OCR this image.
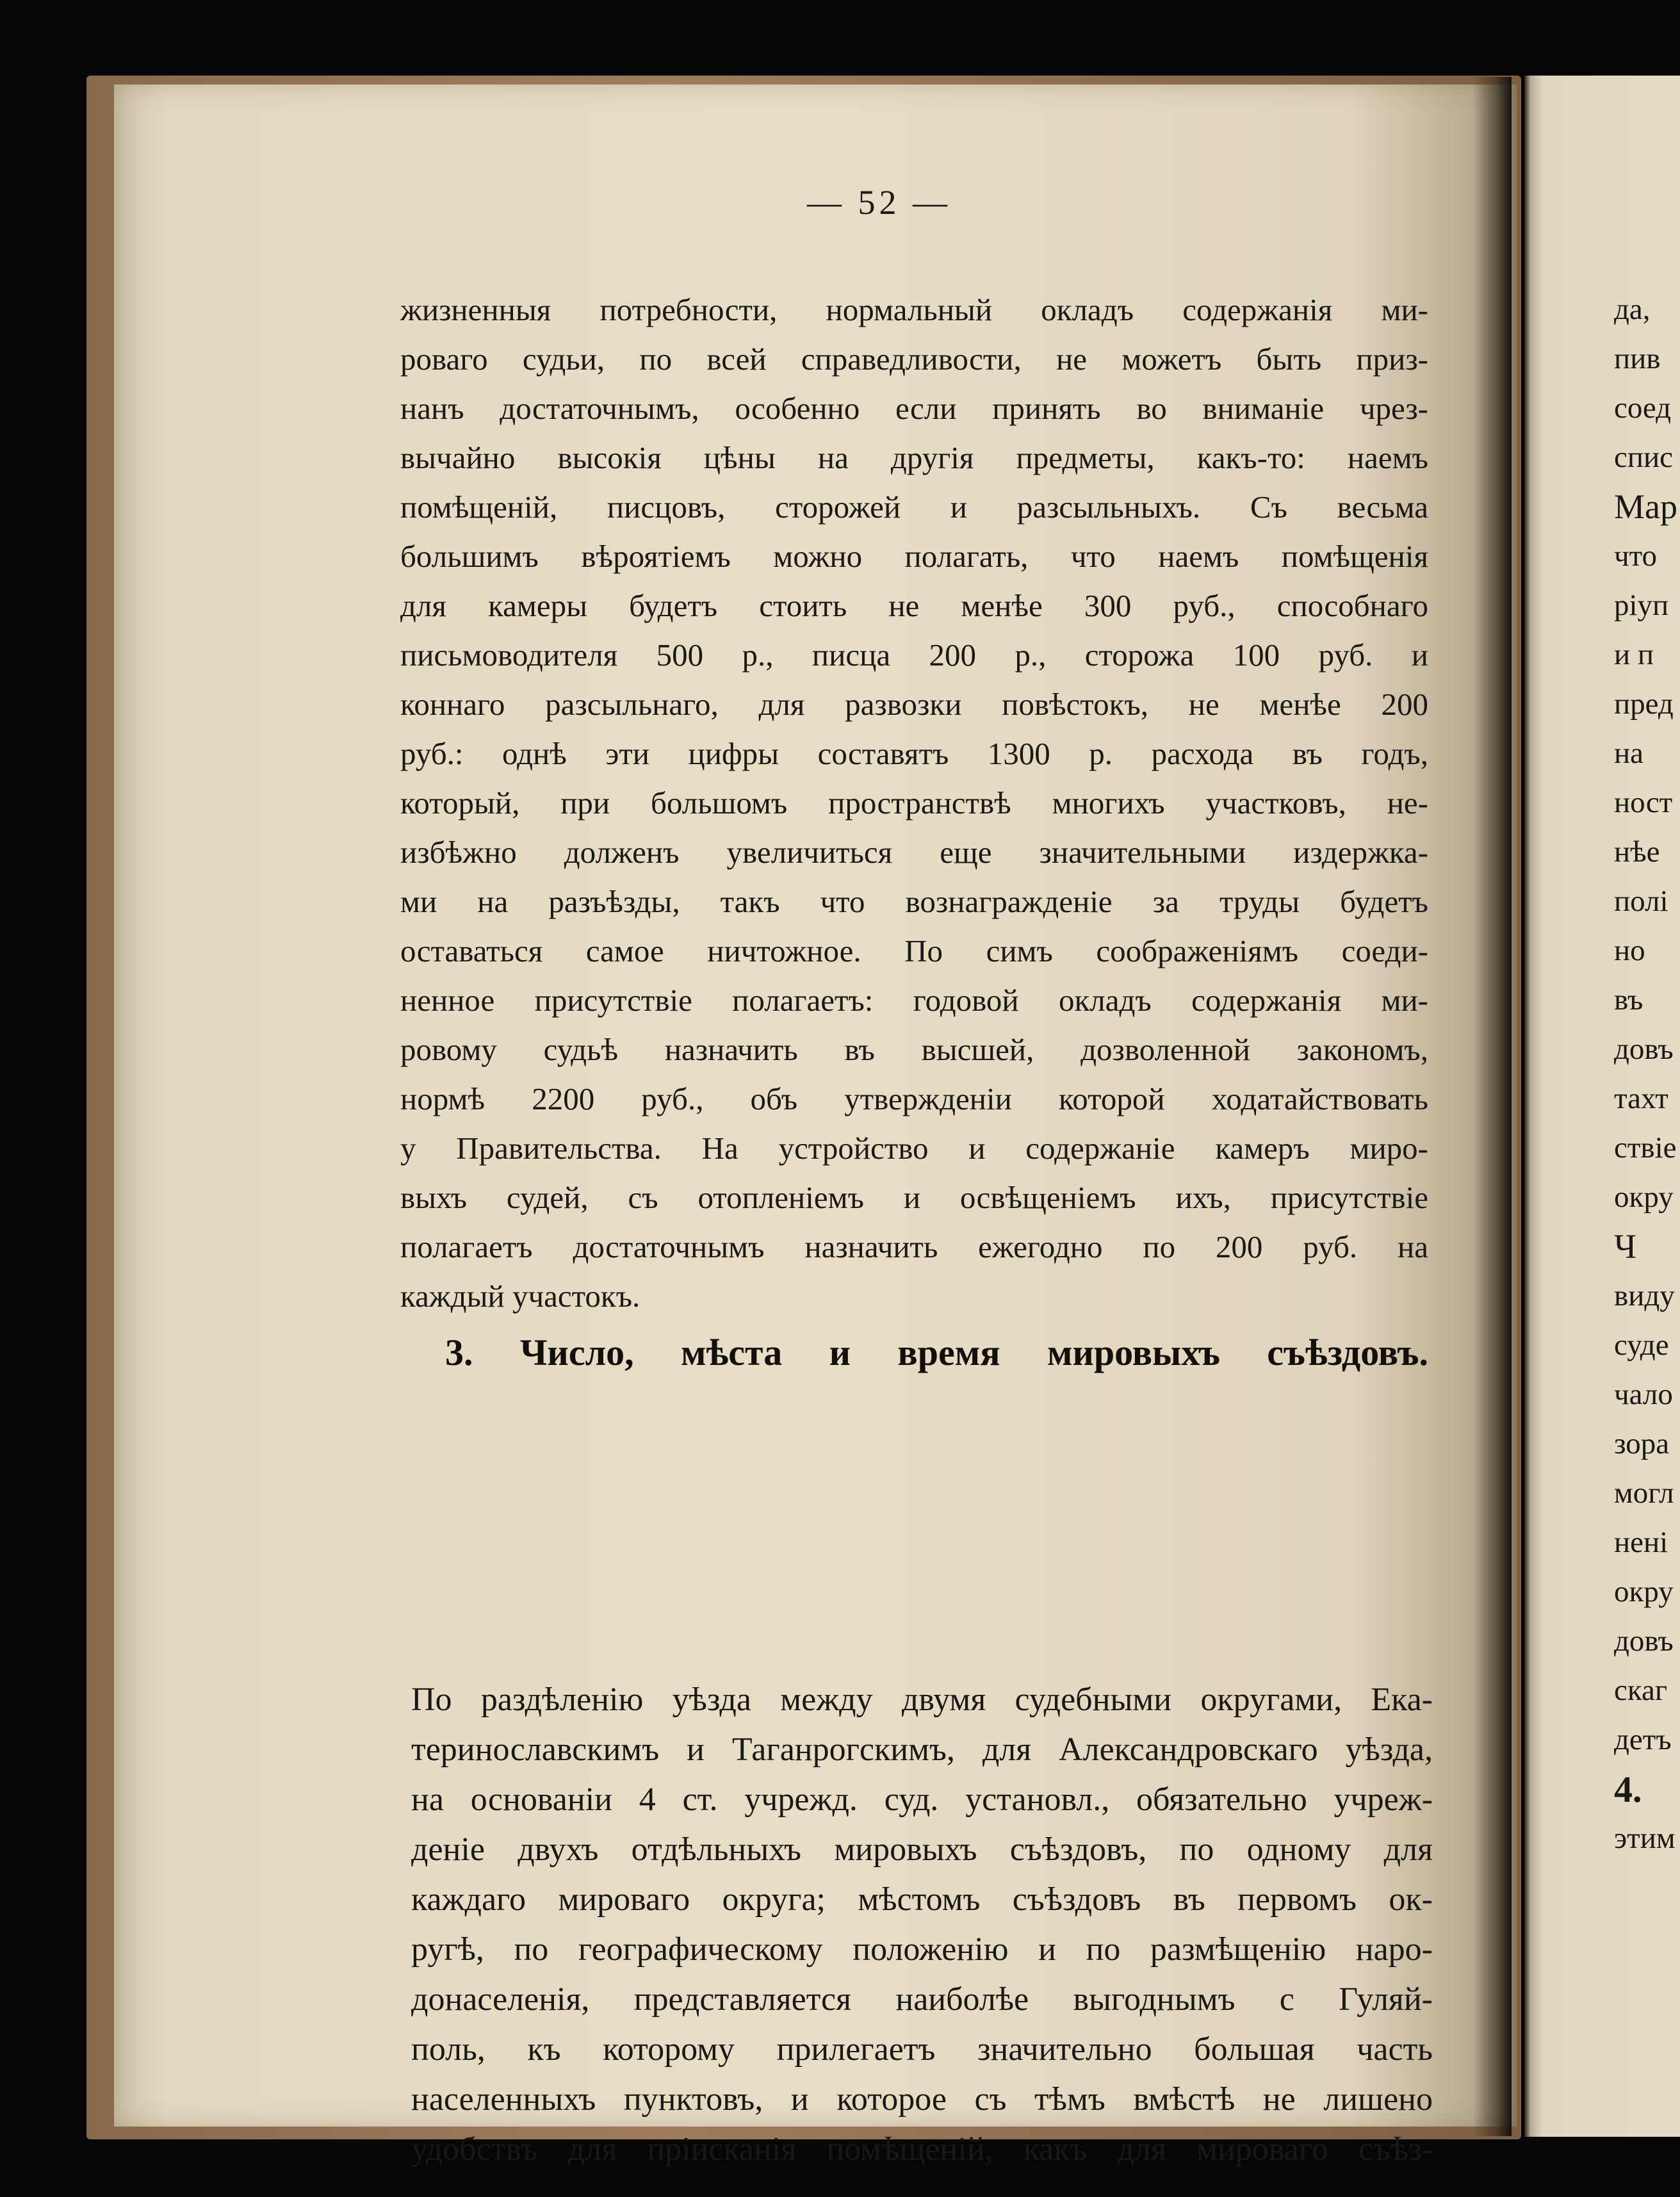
— 52 —
жизненныя потребности, нормальный окладъ содержанія ми-
роваго судьи, по всей справедливости, не можетъ быть приз-
нанъ достаточнымъ, особенно если принять во вниманіе чрез-
вычайно высокія цѣны на другія предметы, какъ-то: наемъ
помѣщеній, писцовъ, сторожей и разсыльныхъ. Съ весьма
большимъ вѣроятіемъ можно полагать, что наемъ помѣщенія
для камеры будетъ стоить не менѣе 300 руб., способнаго
письмоводителя 500 р., писца 200 р., сторожа 100 руб. и
коннаго разсыльнаго, для развозки повѣстокъ, не менѣе 200
руб.: однѣ эти цифры составятъ 1300 р. расхода въ годъ,
который, при большомъ пространствѣ многихъ участковъ, не-
избѣжно долженъ увеличиться еще значительными издержка-
ми на разъѣзды, такъ что вознагражденіе за труды будетъ
оставаться самое ничтожное. По симъ соображеніямъ соеди-
ненное присутствіе полагаетъ: годовой окладъ содержанія ми-
ровому судьѣ назначить въ высшей, дозволенной закономъ,
нормѣ 2200 руб., объ утвержденіи которой ходатайствовать
у Правительства. На устройство и содержаніе камеръ миро-
выхъ судей, съ отопленіемъ и освѣщеніемъ ихъ, присутствіе
полагаетъ достаточнымъ назначить ежегодно по 200 руб. на
каждый участокъ.
3. Число, мѣста и время мировыхъ съѣздовъ.
По раздѣленію уѣзда между двумя судебными округами, Ека-
теринославскимъ и Таганрогскимъ, для Александровскаго уѣзда,
на основаніи 4 ст. учрежд. суд. установл., обязательно учреж-
деніе двухъ отдѣльныхъ мировыхъ съѣздовъ, по одному для
каждаго мироваго округа; мѣстомъ съѣздовъ въ первомъ ок-
ругѣ, по географическому положенію и по размѣщенію наро-
донаселенія, представляется наиболѣе выгоднымъ с Гуляй-
поль, къ которому прилегаетъ значительно большая часть
населенныхъ пунктовъ, и которое съ тѣмъ вмѣстѣ не лишено
удобствъ для пріисканія помѣщеній, какъ для мироваго съѣз-
да,
пив
соед
спис
Мар
что
ріуп
и п
пред
на
ност
нѣе
полі
но
въ
довъ
тахт
ствіе
окру
Ч
виду
суде
чало
зора
могл
нені
окру
довъ
скаг
детъ
4.
этим
